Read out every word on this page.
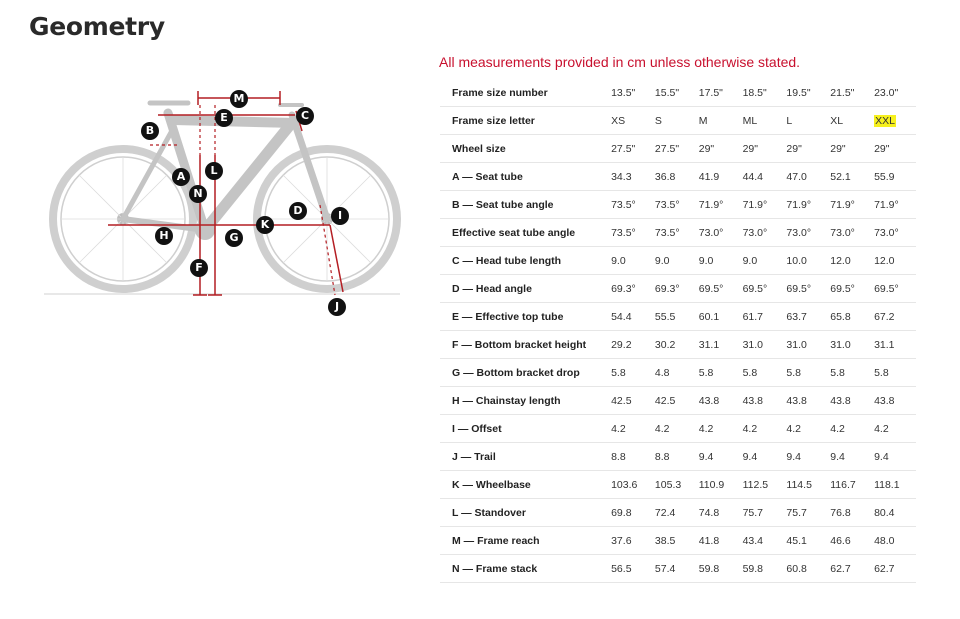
Geometry
All measurements provided in cm unless otherwise stated.
A
B
C
D
E
F
G
H
I
J
K
L
M
N
Frame size number	13.5"	15.5"	17.5"	18.5"	19.5"	21.5"	23.0"
Frame size letter	XS	S	M	ML	L	XL	XXL
Wheel size	27.5"	27.5"	29"	29"	29"	29"	29"
A — Seat tube	34.3	36.8	41.9	44.4	47.0	52.1	55.9
B — Seat tube angle	73.5°	73.5°	71.9°	71.9°	71.9°	71.9°	71.9°
Effective seat tube angle	73.5°	73.5°	73.0°	73.0°	73.0°	73.0°	73.0°
C — Head tube length	9.0	9.0	9.0	9.0	10.0	12.0	12.0
D — Head angle	69.3°	69.3°	69.5°	69.5°	69.5°	69.5°	69.5°
E — Effective top tube	54.4	55.5	60.1	61.7	63.7	65.8	67.2
F — Bottom bracket height	29.2	30.2	31.1	31.0	31.0	31.0	31.1
G — Bottom bracket drop	5.8	4.8	5.8	5.8	5.8	5.8	5.8
H — Chainstay length	42.5	42.5	43.8	43.8	43.8	43.8	43.8
I — Offset	4.2	4.2	4.2	4.2	4.2	4.2	4.2
J — Trail	8.8	8.8	9.4	9.4	9.4	9.4	9.4
K — Wheelbase	103.6	105.3	110.9	112.5	114.5	116.7	118.1
L — Standover	69.8	72.4	74.8	75.7	75.7	76.8	80.4
M — Frame reach	37.6	38.5	41.8	43.4	45.1	46.6	48.0
N — Frame stack	56.5	57.4	59.8	59.8	60.8	62.7	62.7
